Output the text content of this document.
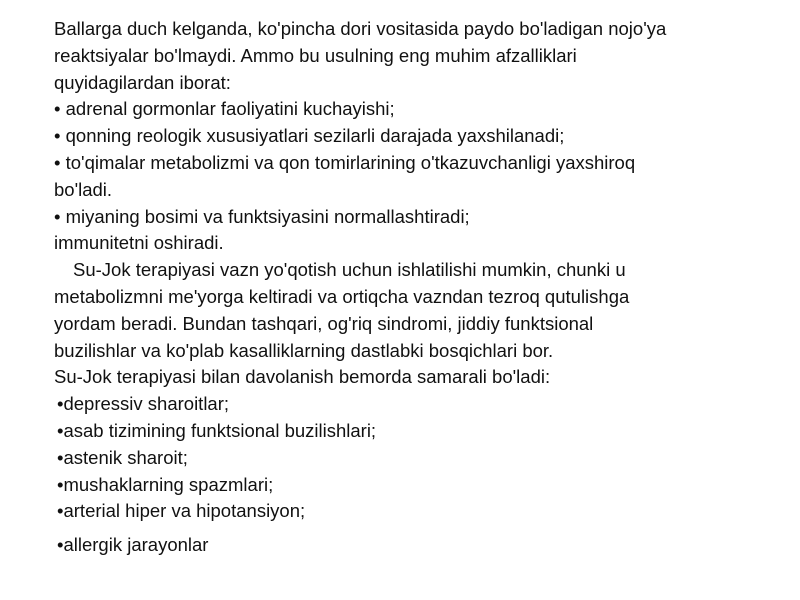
Ballarga duch kelganda, ko'pincha dori vositasida paydo bo'ladigan nojo'ya
reaktsiyalar bo'lmaydi. Ammo bu usulning eng muhim afzalliklari
quyidagilardan iborat:
• adrenal gormonlar faoliyatini kuchayishi;
• qonning reologik xususiyatlari sezilarli darajada yaxshilanadi;
• to'qimalar metabolizmi va qon tomirlarining o'tkazuvchanligi yaxshiroq
bo'ladi.
• miyaning bosimi va funktsiyasini normallashtiradi;
immunitetni oshiradi.
Su-Jok terapiyasi vazn yo'qotish uchun ishlatilishi mumkin, chunki u
metabolizmni me'yorga keltiradi va ortiqcha vazndan tezroq qutulishga
yordam beradi. Bundan tashqari, og'riq sindromi, jiddiy funktsional
buzilishlar va ko'plab kasalliklarning dastlabki bosqichlari bor.
Su-Jok terapiyasi bilan davolanish bemorda samarali bo'ladi:
•depressiv sharoitlar;
•asab tizimining funktsional buzilishlari;
•astenik sharoit;
•mushaklarning spazmlari;
•arterial hiper va hipotansiyon;
•allergik jarayonlar
